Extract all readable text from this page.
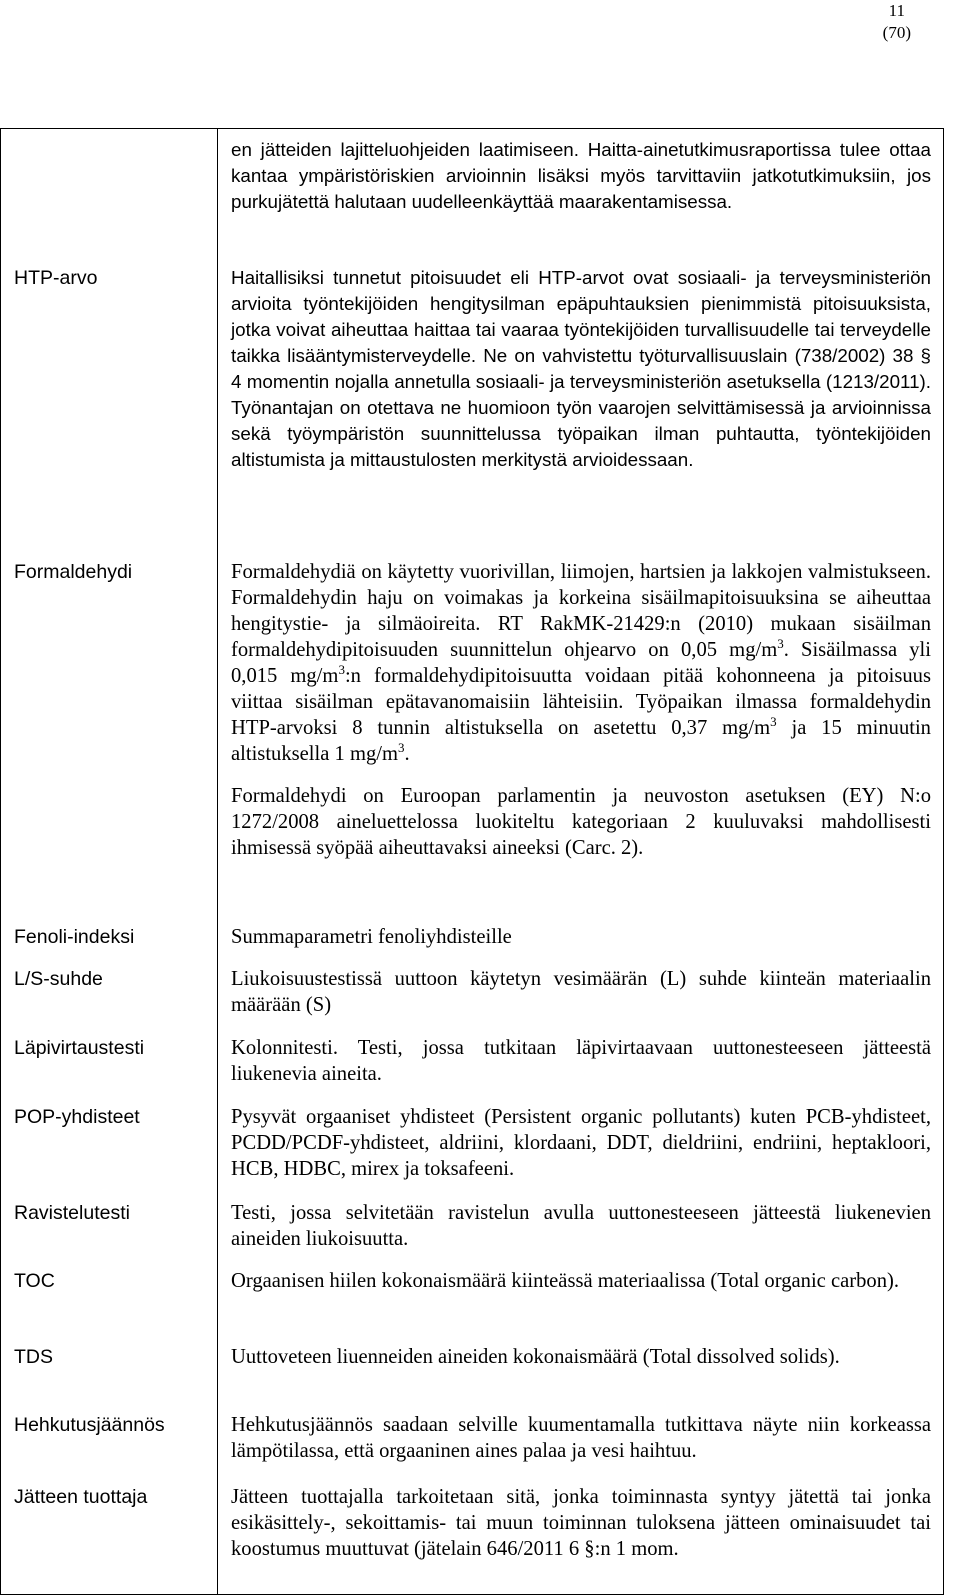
11
(70)

en jätteiden lajitteluohjeiden laatimiseen. Haitta-ainetutkimusraportissa tulee ottaa kantaa ympäristöriskien arvioinnin lisäksi myös tarvittaviin jatkotutkimuksiin, jos purkujätettä halutaan uudelleenkäyttää maarakentamisessa.

HTP-arvo	Haitallisiksi tunnetut pitoisuudet eli HTP-arvot ovat sosiaali- ja terveysministeriön arvioita työntekijöiden hengitysilman epäpuhtauksien pienimmistä pitoisuuksista, jotka voivat aiheuttaa haittaa tai vaaraa työntekijöiden turvallisuudelle tai terveydelle taikka lisääntymisterveydelle. Ne on vahvistettu työturvallisuuslain (738/2002) 38 § 4 momentin nojalla annetulla sosiaali- ja terveysministeriön asetuksella (1213/2011). Työnantajan on otettava ne huomioon työn vaarojen selvittämisessä ja arvioinnissa sekä työympäristön suunnittelussa työpaikan ilman puhtautta, työntekijöiden altistumista ja mittaustulosten merkitystä arvioidessaan.

Formaldehydi	Formaldehydiä on käytetty vuorivillan, liimojen, hartsien ja lakkojen valmistukseen. Formaldehydin haju on voimakas ja korkeina sisäilmapitoisuuksina se aiheuttaa hengitystie- ja silmäoireita. RT RakMK-21429:n (2010) mukaan sisäilman formaldehydipitoisuuden suunnittelun ohjearvo on 0,05 $mg/m^3$. Sisäilmassa yli 0,015 $mg/m^3:n$ formaldehydipitoisuutta voidaan pitää kohonneena ja pitoisuus viittaa sisäilman epätavanomaisiin lähteisiin. Työpaikan ilmassa formaldehydin HTP-arvoksi 8 tunnin altistuksella on asetettu 0,37 $mg/m^3$ ja 15 minuutin altistuksella 1 $mg/m^3$.

Formaldehydi on Euroopan parlamentin ja neuvoston asetuksen (EY) N:o 1272/2008 aineluettelossa luokiteltu kategoriaan 2 kuuluvaksi mahdollisesti ihmisessä syöpää aiheuttavaksi aineeksi (Carc. 2).

Fenoli-indeksi	Summaparametri fenoliyhdisteille

L/S-suhde	Liukoisuustestissä uuttoon käytetyn vesimäärän (L) suhde kiinteän materiaalin määrään (S)

Läpivirtaustesti	Kolonnitesti. Testi, jossa tutkitaan läpivirtaavaan uuttonesteeseen jätteestä liukenevia aineita.

POP-yhdisteet	Pysyvät orgaaniset yhdisteet (Persistent organic pollutants) kuten PCB-yhdisteet, PCDD/PCDF-yhdisteet, aldriini, klordaani, DDT, dieldriini, endriini, heptakloori, HCB, HDBC, mirex ja toksafeeni.

Ravistelutesti	Testi, jossa selvitetään ravistelun avulla uuttonesteeseen jätteestä liukenevien aineiden liukoisuutta.

TOC	Orgaanisen hiilen kokonaismäärä kiinteässä materiaalissa (Total organic carbon).

TDS	Uuttoveteen liuenneiden aineiden kokonaismäärä (Total dissolved solids).

Hehkutusjäännös	Hehkutusjäännös saadaan selville kuumentamalla tutkittava näyte niin korkeassa lämpötilassa, että orgaaninen aines palaa ja vesi haihtuu.

Jätteen tuottaja	Jätteen tuottajalla tarkoitetaan sitä, jonka toiminnasta syntyy jätettä tai jonka esikäsittely-, sekoittamis- tai muun toiminnan tuloksena jätteen ominaisuudet tai koostumus muuttuvat (jätelain 646/2011 6 §:n 1 mom.
